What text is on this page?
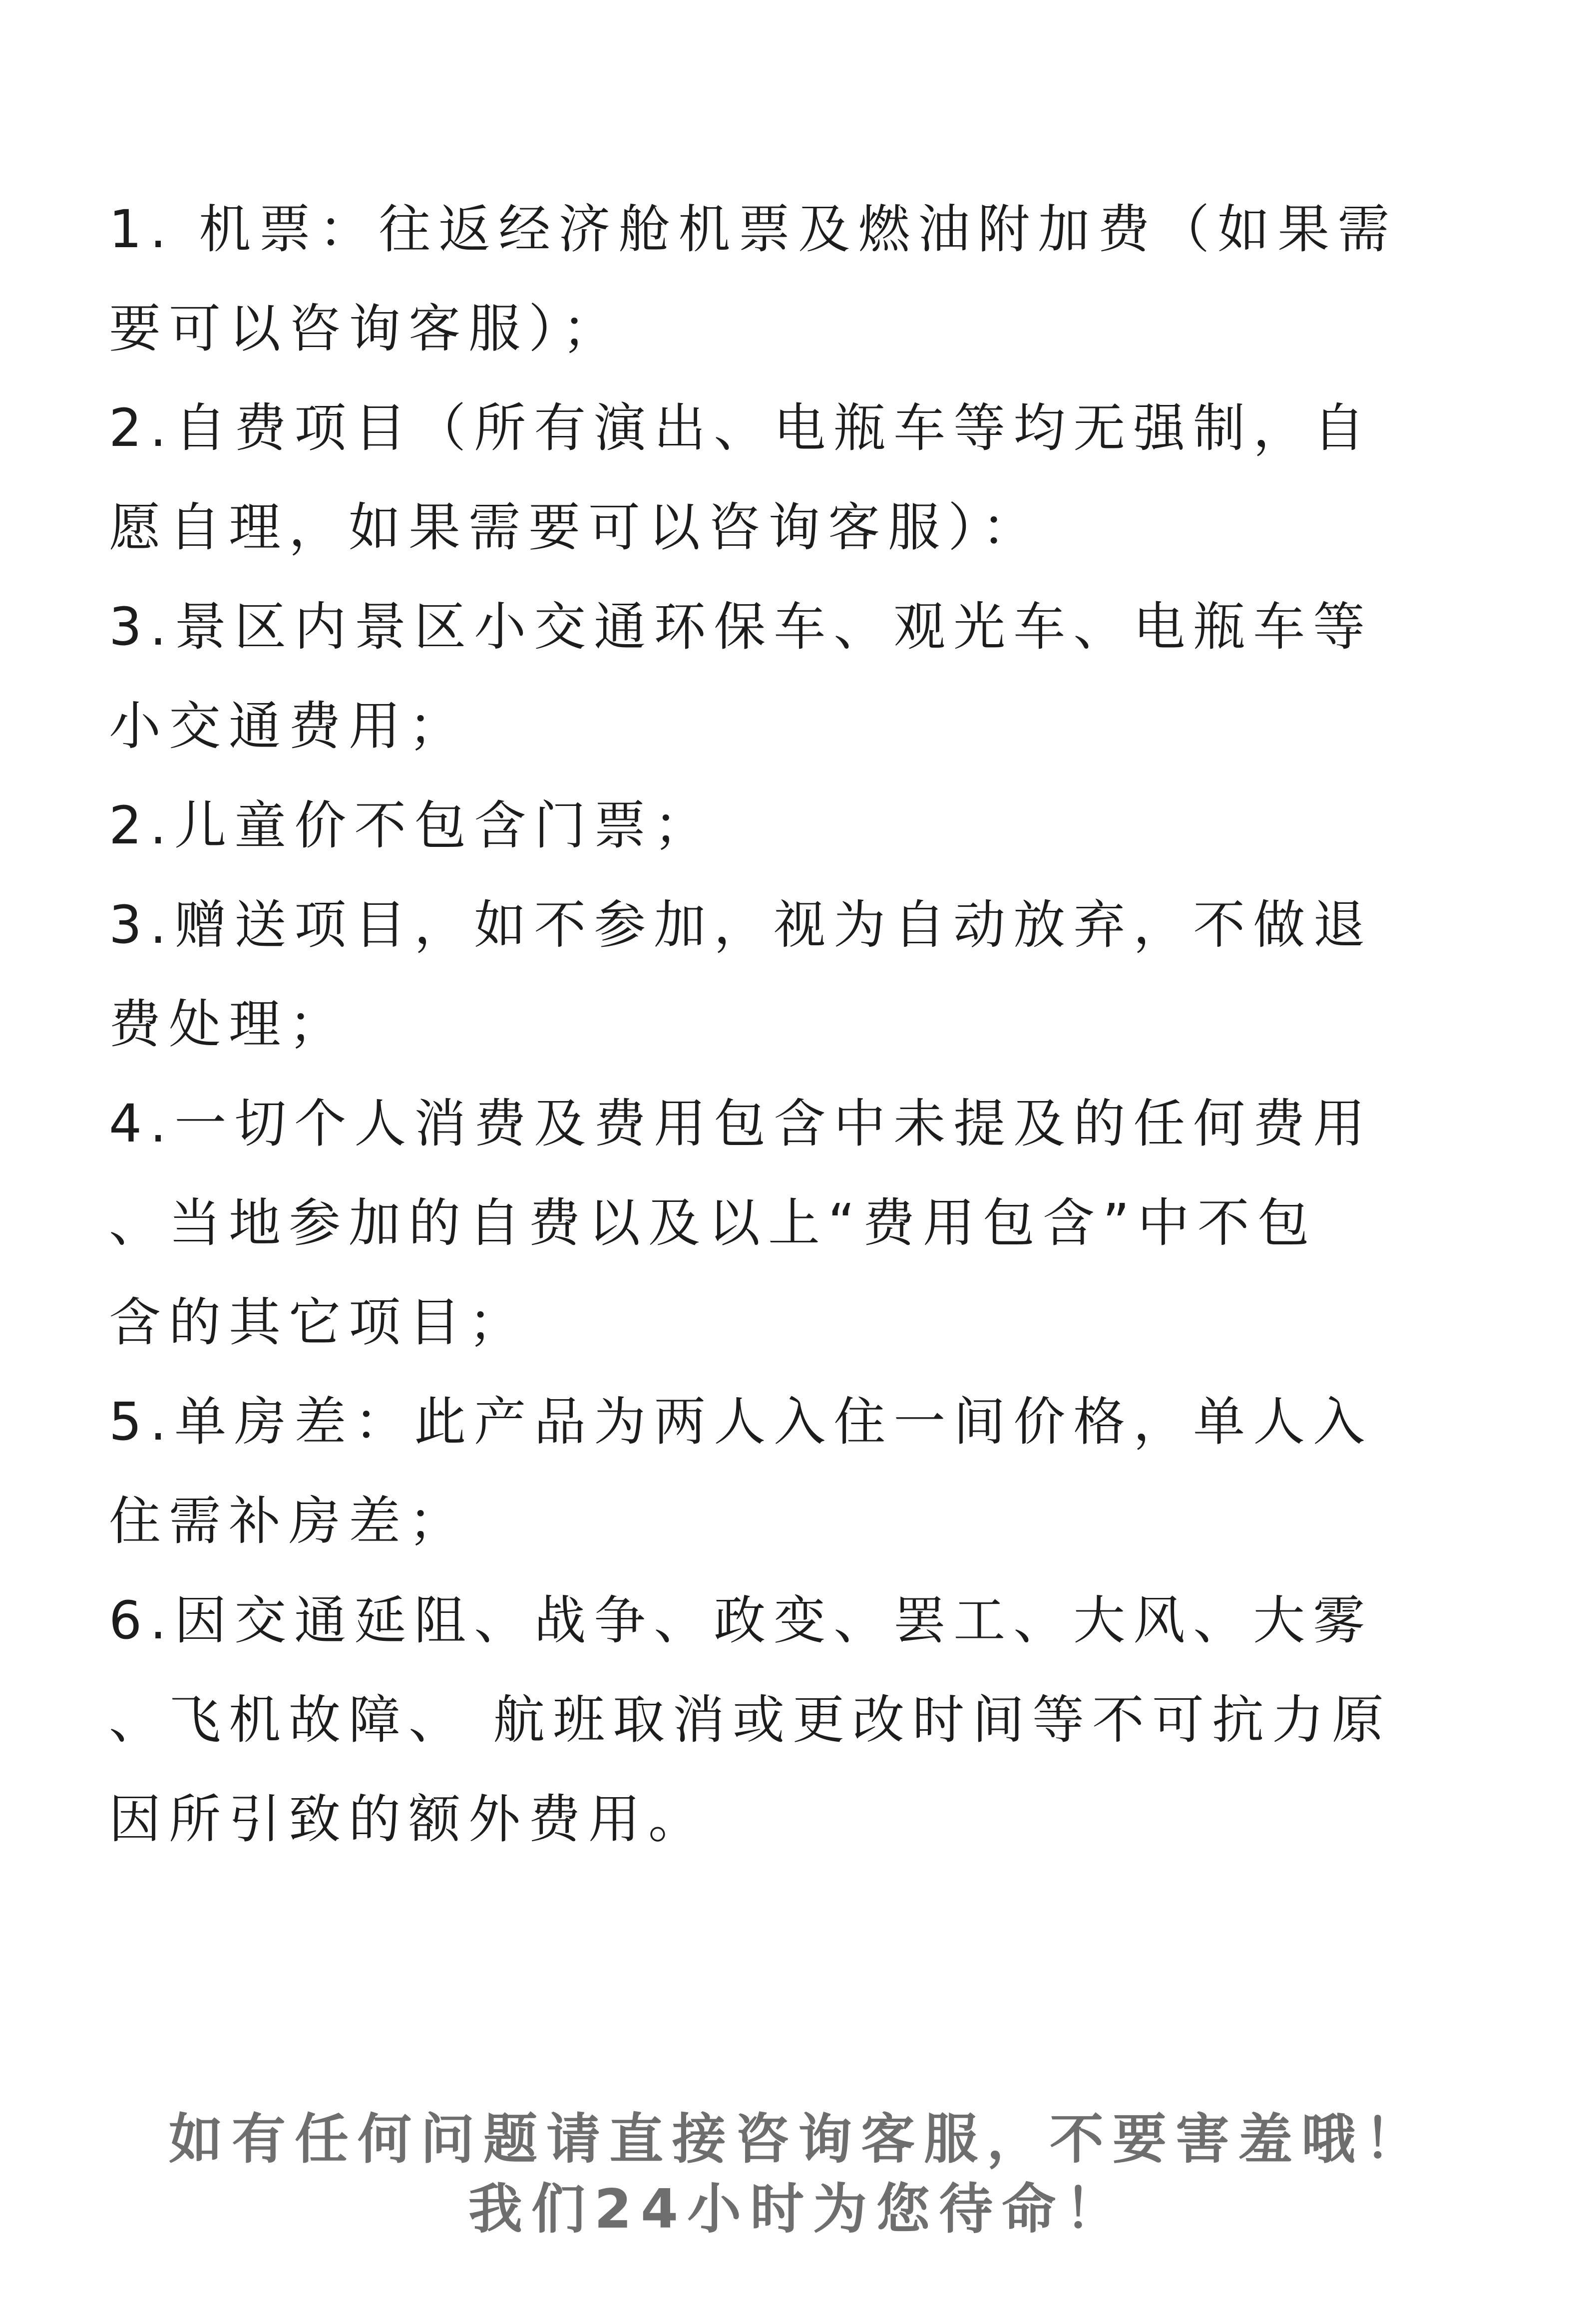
1. 机票：往返经济舱机票及燃油附加费（如果需
要可以咨询客服）；
2.自费项目（所有演出、电瓶车等均无强制，自
愿自理，如果需要可以咨询客服）：
3.景区内景区小交通环保车、观光车、电瓶车等
小交通费用；
2.儿童价不包含门票；
3.赠送项目，如不参加，视为自动放弃，不做退
费处理；
4.一切个人消费及费用包含中未提及的任何费用
、当地参加的自费以及以上“费用包含”中不包
含的其它项目；
5.单房差：此产品为两人入住一间价格，单人入
住需补房差；
6.因交通延阻、战争、政变、罢工、大风、大雾
、飞机故障、 航班取消或更改时间等不可抗力原
因所引致的额外费用。
如有任何问题请直接咨询客服，不要害羞哦！
我们24小时为您待命！
